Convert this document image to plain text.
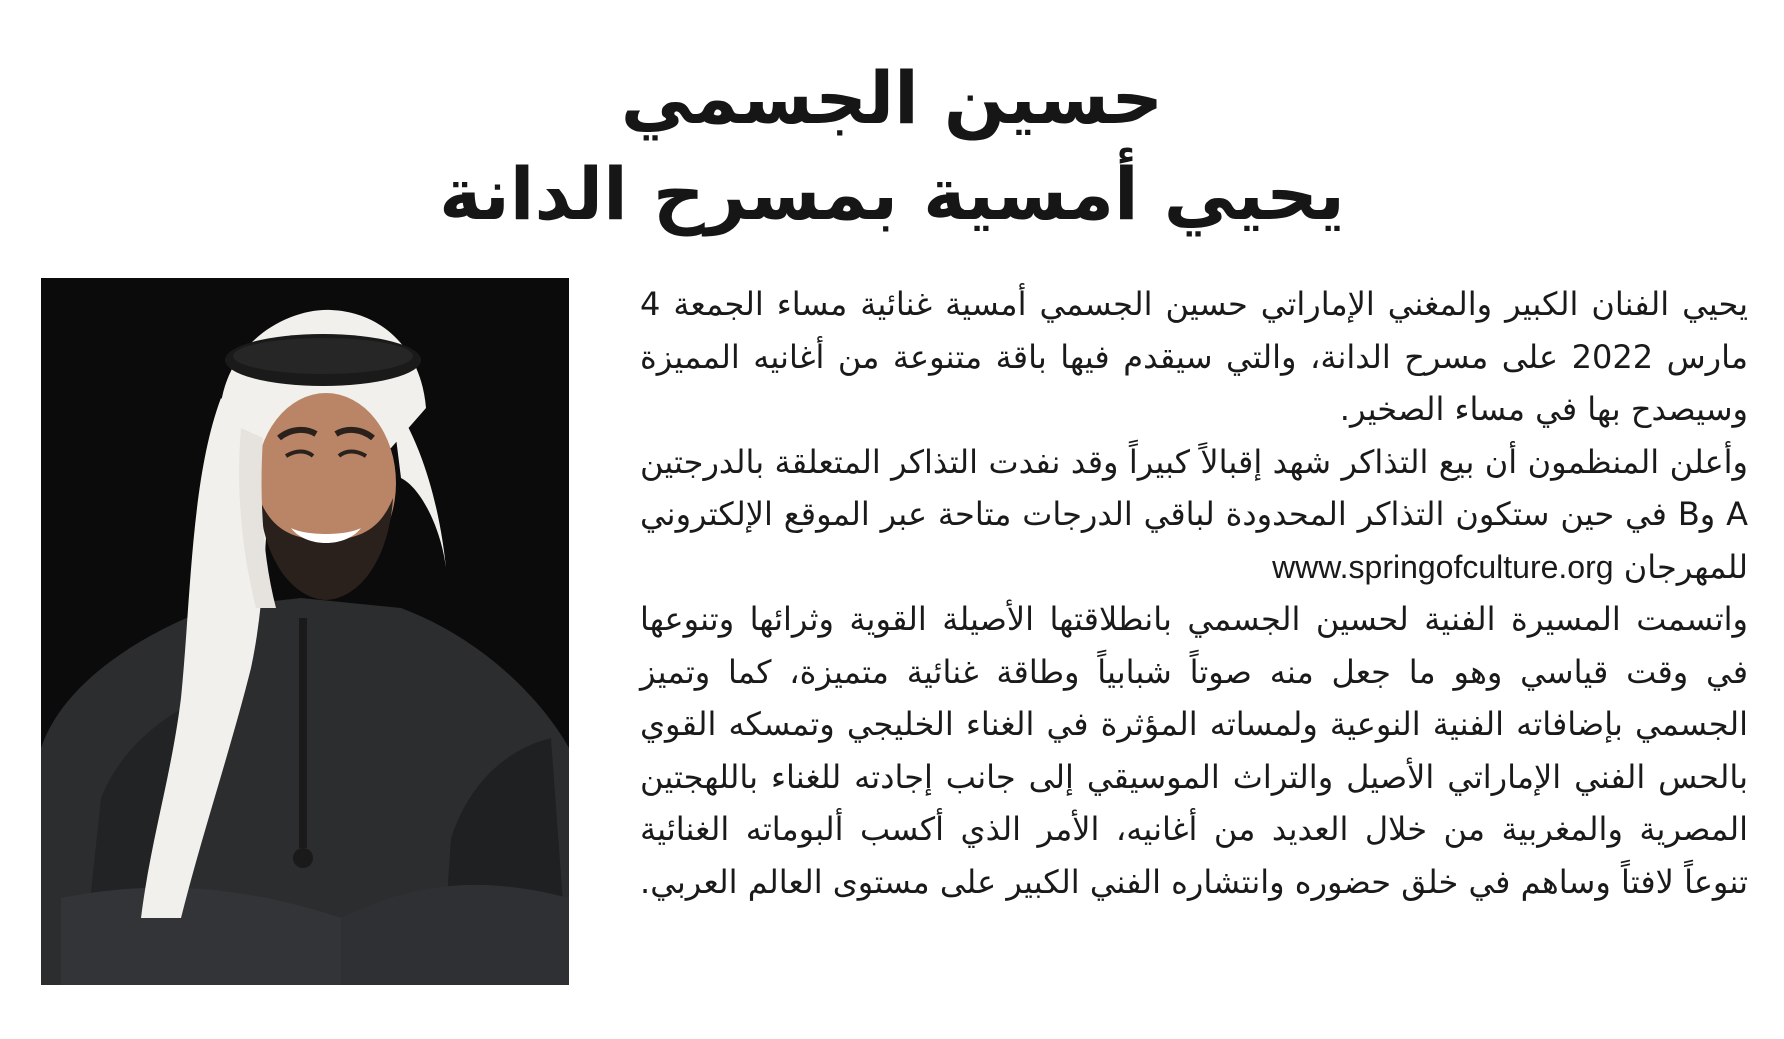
حسين الجسمي
يحيي أمسية بمسرح الدانة

يحيي الفنان الكبير والمغني الإماراتي حسين الجسمي أمسية غنائية مساء الجمعة 4 مارس 2022 على مسرح الدانة، والتي سيقدم فيها باقة متنوعة من أغانيه المميزة وسيصدح بها في مساء الصخير.

وأعلن المنظمون أن بيع التذاكر شهد إقبالاً كبيراً وقد نفدت التذاكر المتعلقة بالدرجتين A وB في حين ستكون التذاكر المحدودة لباقي الدرجات متاحة عبر الموقع الإلكتروني للمهرجان www.springofculture.org

واتسمت المسيرة الفنية لحسين الجسمي بانطلاقتها الأصيلة القوية وثرائها وتنوعها في وقت قياسي وهو ما جعل منه صوتاً شبابياً وطاقة غنائية متميزة، كما وتميز الجسمي بإضافاته الفنية النوعية ولمساته المؤثرة في الغناء الخليجي وتمسكه القوي بالحس الفني الإماراتي الأصيل والتراث الموسيقي إلى جانب إجادته للغناء باللهجتين المصرية والمغربية من خلال العديد من أغانيه، الأمر الذي أكسب ألبوماته الغنائية تنوعاً لافتاً وساهم في خلق حضوره وانتشاره الفني الكبير على مستوى العالم العربي.
